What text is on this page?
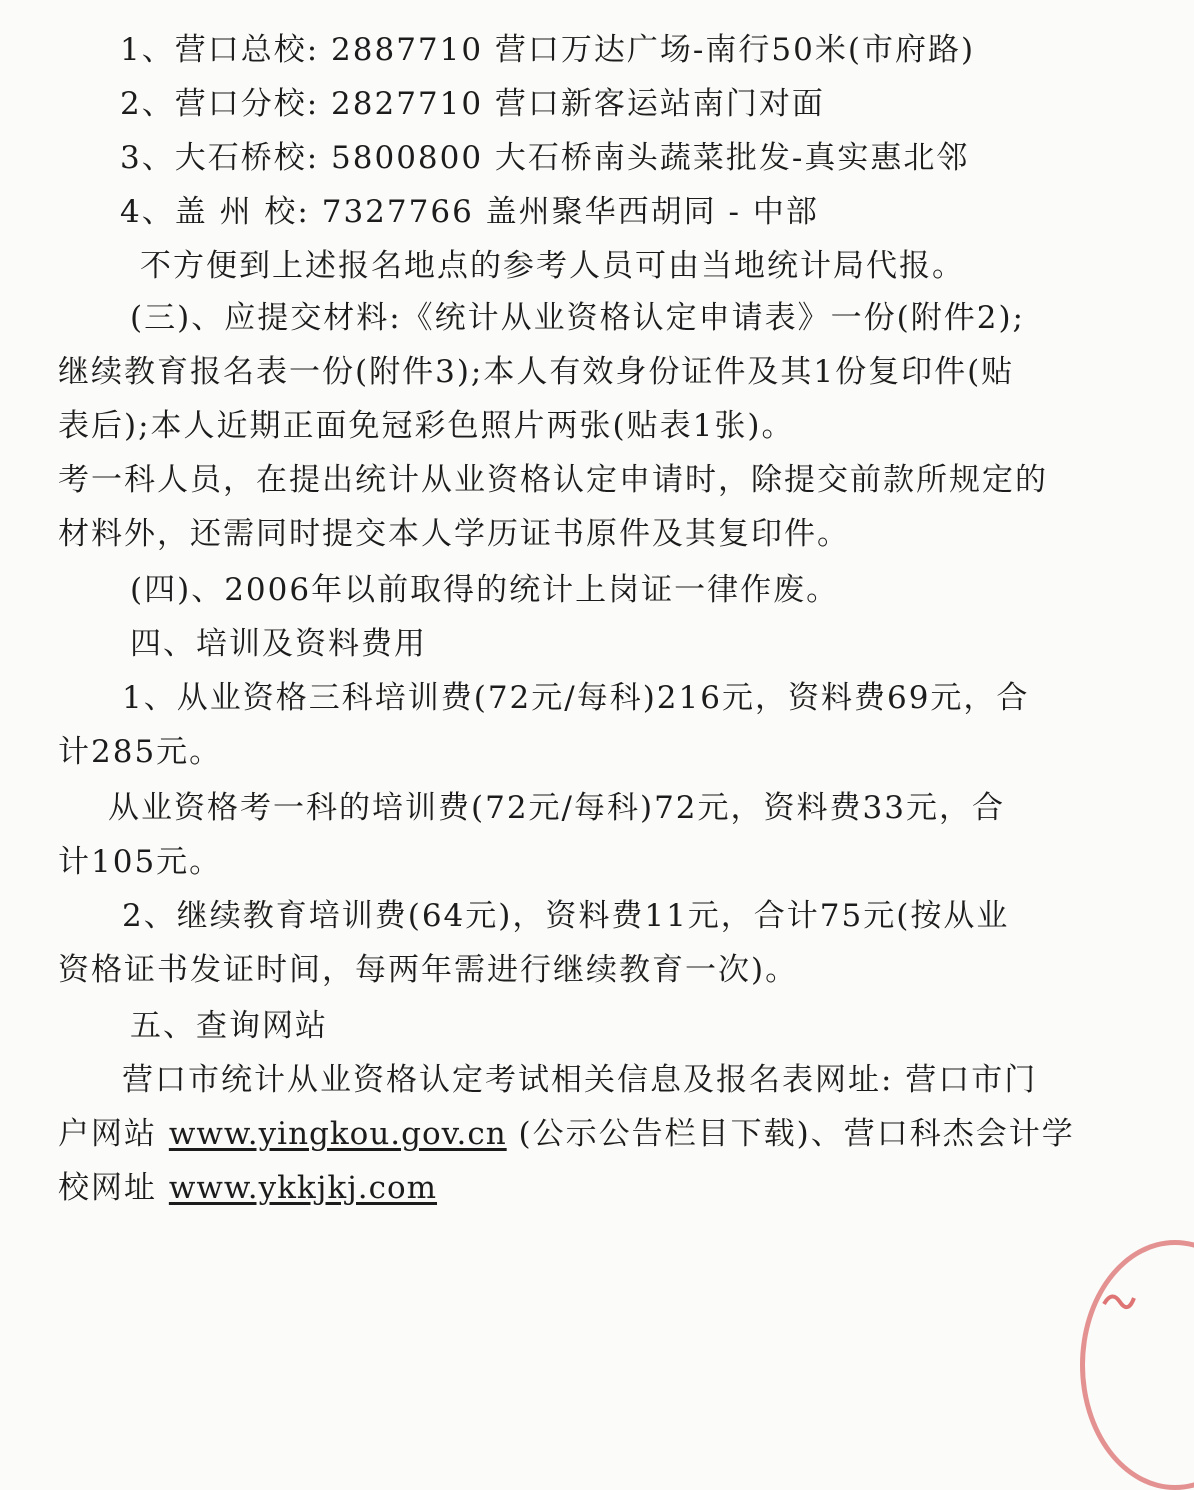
1、营口总校: 2887710 营口万达广场-南行50米(市府路)
2、营口分校: 2827710 营口新客运站南门对面
3、大石桥校: 5800800 大石桥南头蔬菜批发-真实惠北邻
4、盖 州 校: 7327766 盖州聚华西胡同 - 中部
不方便到上述报名地点的参考人员可由当地统计局代报。
(三)、应提交材料:《统计从业资格认定申请表》一份(附件2);
继续教育报名表一份(附件3);本人有效身份证件及其1份复印件(贴
表后);本人近期正面免冠彩色照片两张(贴表1张)。
考一科人员，在提出统计从业资格认定申请时，除提交前款所规定的
材料外，还需同时提交本人学历证书原件及其复印件。
(四)、2006年以前取得的统计上岗证一律作废。
四、培训及资料费用
1、从业资格三科培训费(72元/每科)216元，资料费69元，合
计285元。
从业资格考一科的培训费(72元/每科)72元，资料费33元，合
计105元。
2、继续教育培训费(64元)，资料费11元，合计75元(按从业
资格证书发证时间，每两年需进行继续教育一次)。
五、查询网站
营口市统计从业资格认定考试相关信息及报名表网址: 营口市门
户网站 www.yingkou.gov.cn (公示公告栏目下载)、营口科杰会计学
校网址 www.ykkjkj.com
